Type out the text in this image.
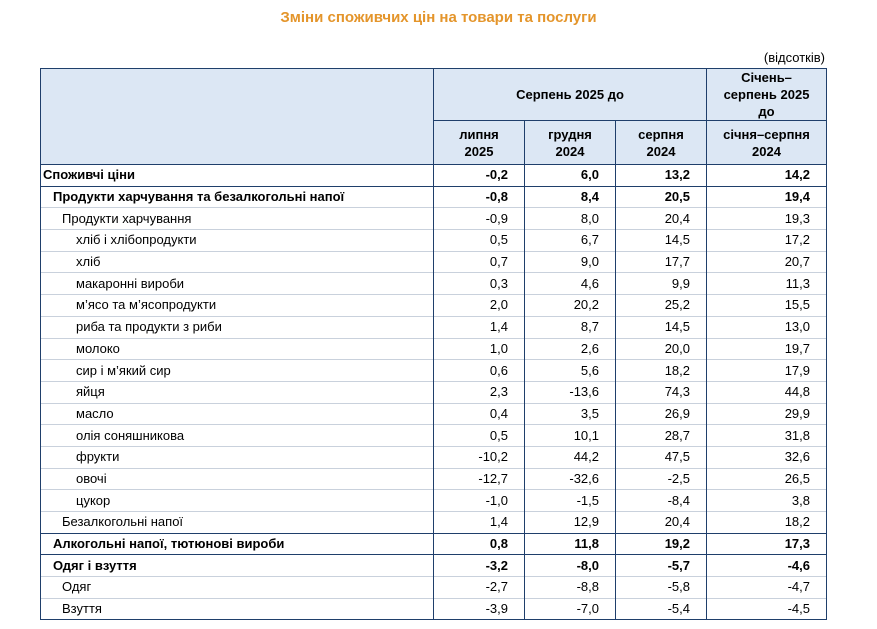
Зміни споживчих цін на товари та послуги
(відсотків)
	Серпень 2025 до			Січень–серпень 2025 до

	липня 2025	грудня 2024	серпня 2024	січня–серпня 2024

Споживчі ціни	-0,2	6,0	13,2	14,2
Продукти харчування та безалкогольні напої	-0,8	8,4	20,5	19,4
Продукти харчування	-0,9	8,0	20,4	19,3
хліб і хлібопродукти	0,5	6,7	14,5	17,2
хліб	0,7	9,0	17,7	20,7
макаронні вироби	0,3	4,6	9,9	11,3
м’ясо та м’ясопродукти	2,0	20,2	25,2	15,5
риба та продукти з риби	1,4	8,7	14,5	13,0
молоко	1,0	2,6	20,0	19,7
сир і м’який сир	0,6	5,6	18,2	17,9
яйця	2,3	-13,6	74,3	44,8
масло	0,4	3,5	26,9	29,9
олія соняшникова	0,5	10,1	28,7	31,8
фрукти	-10,2	44,2	47,5	32,6
овочі	-12,7	-32,6	-2,5	26,5
цукор	-1,0	-1,5	-8,4	3,8
Безалкогольні напої	1,4	12,9	20,4	18,2
Алкогольні напої, тютюнові вироби	0,8	11,8	19,2	17,3
Одяг і взуття	-3,2	-8,0	-5,7	-4,6
Одяг	-2,7	-8,8	-5,8	-4,7
Взуття	-3,9	-7,0	-5,4	-4,5
